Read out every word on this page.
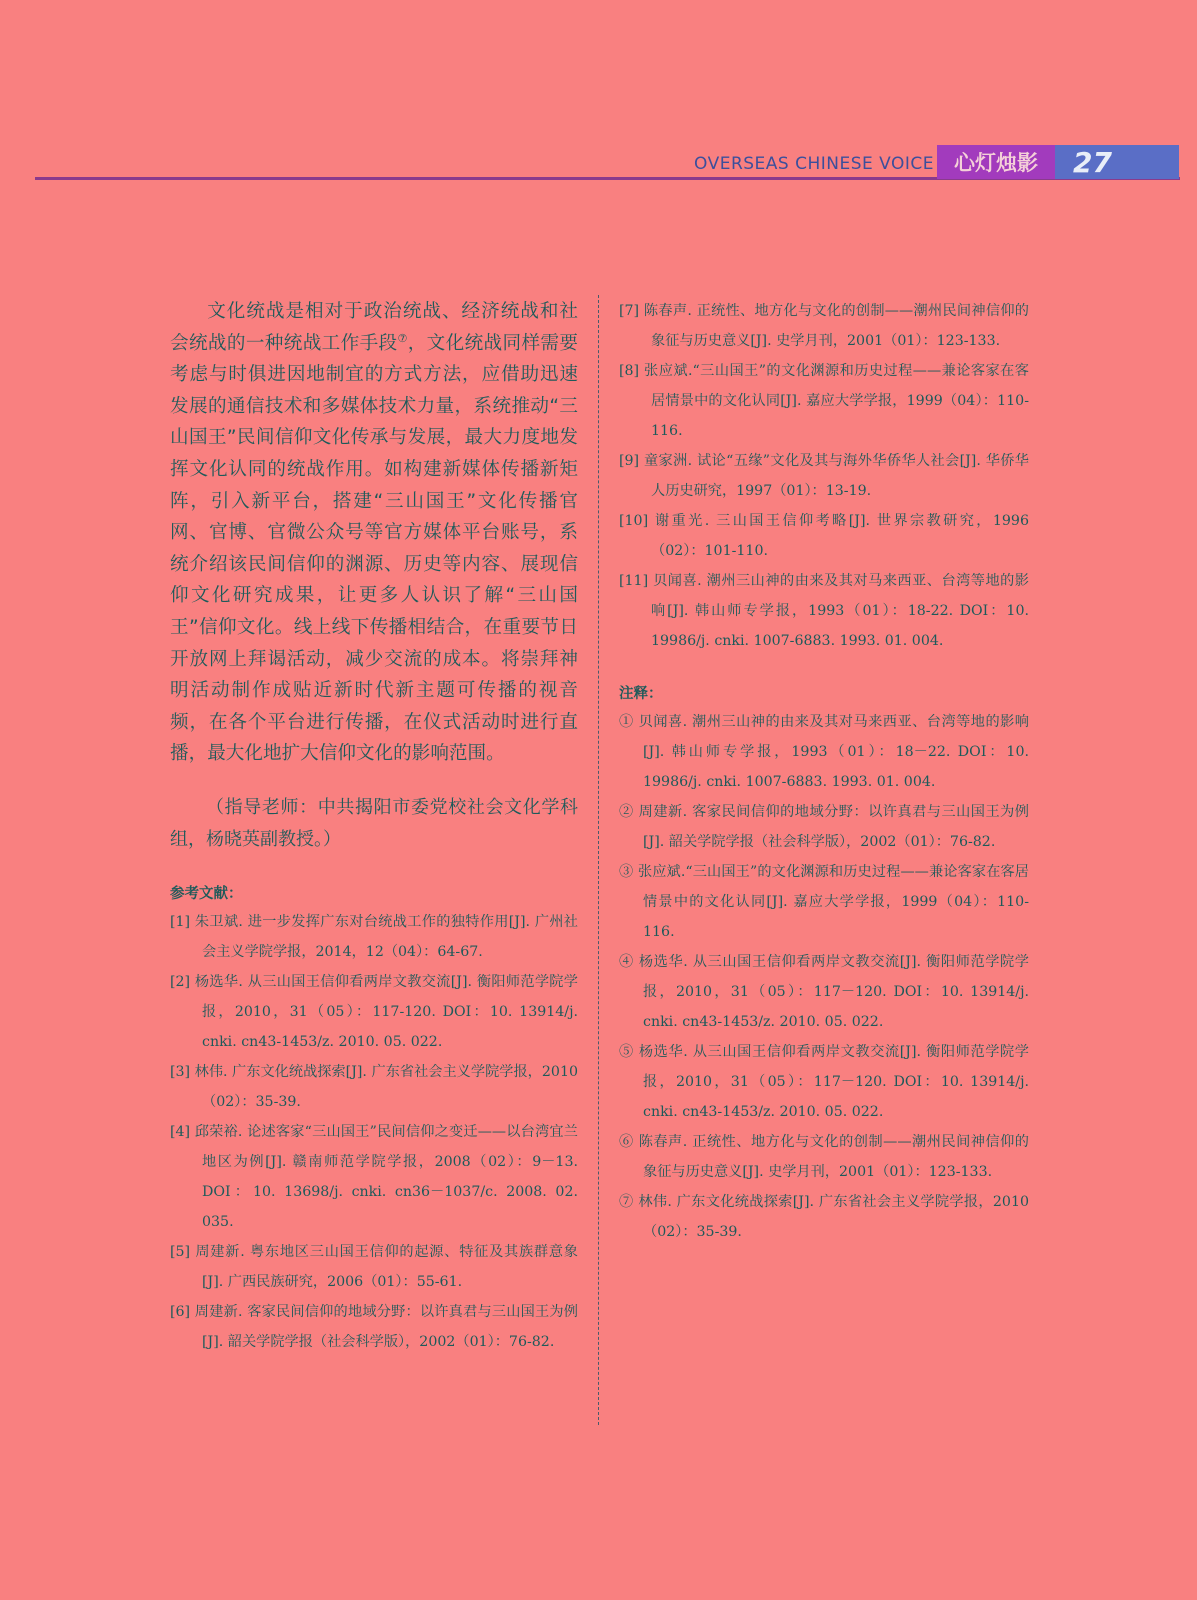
OVERSEAS CHINESE VOICE 心灯烛影	27

文化统战是相对于政治统战、经济统战和社会统战的一种统战工作手段⑦，文化统战同样需要考虑与时俱进因地制宜的方式方法，应借助迅速发展的通信技术和多媒体技术力量，系统推动“三山国王”民间信仰文化传承与发展，最大力度地发挥文化认同的统战作用。如构建新媒体传播新矩阵，引入新平台，搭建“三山国王”文化传播官网、官博、官微公众号等官方媒体平台账号，系统介绍该民间信仰的渊源、历史等内容、展现信仰文化研究成果，让更多人认识了解“三山国王”信仰文化。线上线下传播相结合，在重要节日开放网上拜谒活动，减少交流的成本。将崇拜神明活动制作成贴近新时代新主题可传播的视音频，在各个平台进行传播，在仪式活动时进行直播，最大化地扩大信仰文化的影响范围。

（指导老师：中共揭阳市委党校社会文化学科组，杨晓英副教授。）

参考文献：
[1] 朱卫斌. 进一步发挥广东对台统战工作的独特作用[J]. 广州社会主义学院学报，2014，12（04）：64-67.
[2] 杨选华. 从三山国王信仰看两岸文教交流[J]. 衡阳师范学院学报，2010，31（05）：117-120. DOI：10. 13914/j. cnki. cn43-1453/z. 2010. 05. 022.
[3] 林伟. 广东文化统战探索[J]. 广东省社会主义学院学报，2010（02）：35-39.
[4] 邱荣裕. 论述客家“三山国王”民间信仰之变迁——以台湾宜兰地区为例[J]. 赣南师范学院学报，2008（02）：9－13. DOI：10. 13698/j. cnki. cn36－1037/c. 2008. 02. 035.
[5] 周建新. 粤东地区三山国王信仰的起源、特征及其族群意象[J]. 广西民族研究，2006（01）：55-61.
[6] 周建新. 客家民间信仰的地域分野：以许真君与三山国王为例[J]. 韶关学院学报（社会科学版），2002（01）：76-82.
[7] 陈春声. 正统性、地方化与文化的创制——潮州民间神信仰的象征与历史意义[J]. 史学月刊，2001（01）：123-133.
[8] 张应斌.“三山国王”的文化渊源和历史过程——兼论客家在客居情景中的文化认同[J]. 嘉应大学学报，1999（04）：110-116.
[9] 童家洲. 试论“五缘”文化及其与海外华侨华人社会[J]. 华侨华人历史研究，1997（01）：13-19.
[10] 谢重光. 三山国王信仰考略[J]. 世界宗教研究，1996（02）：101-110.
[11] 贝闻喜. 潮州三山神的由来及其对马来西亚、台湾等地的影响[J]. 韩山师专学报，1993（01）：18-22. DOI：10. 19986/j. cnki. 1007-6883. 1993. 01. 004.
注释：
① 贝闻喜. 潮州三山神的由来及其对马来西亚、台湾等地的影响[J]. 韩山师专学报，1993（01）：18－22. DOI：10. 19986/j. cnki. 1007-6883. 1993. 01. 004.
② 周建新. 客家民间信仰的地域分野：以许真君与三山国王为例[J]. 韶关学院学报（社会科学版），2002（01）：76-82.
③ 张应斌.“三山国王”的文化渊源和历史过程——兼论客家在客居情景中的文化认同[J]. 嘉应大学学报，1999（04）：110-116.
④ 杨选华. 从三山国王信仰看两岸文教交流[J]. 衡阳师范学院学报，2010，31（05）：117－120. DOI：10. 13914/j. cnki. cn43-1453/z. 2010. 05. 022.
⑤ 杨选华. 从三山国王信仰看两岸文教交流[J]. 衡阳师范学院学报，2010，31（05）：117－120. DOI：10. 13914/j. cnki. cn43-1453/z. 2010. 05. 022.
⑥ 陈春声. 正统性、地方化与文化的创制——潮州民间神信仰的象征与历史意义[J]. 史学月刊，2001（01）：123-133.
⑦ 林伟. 广东文化统战探索[J]. 广东省社会主义学院学报，2010（02）：35-39.
